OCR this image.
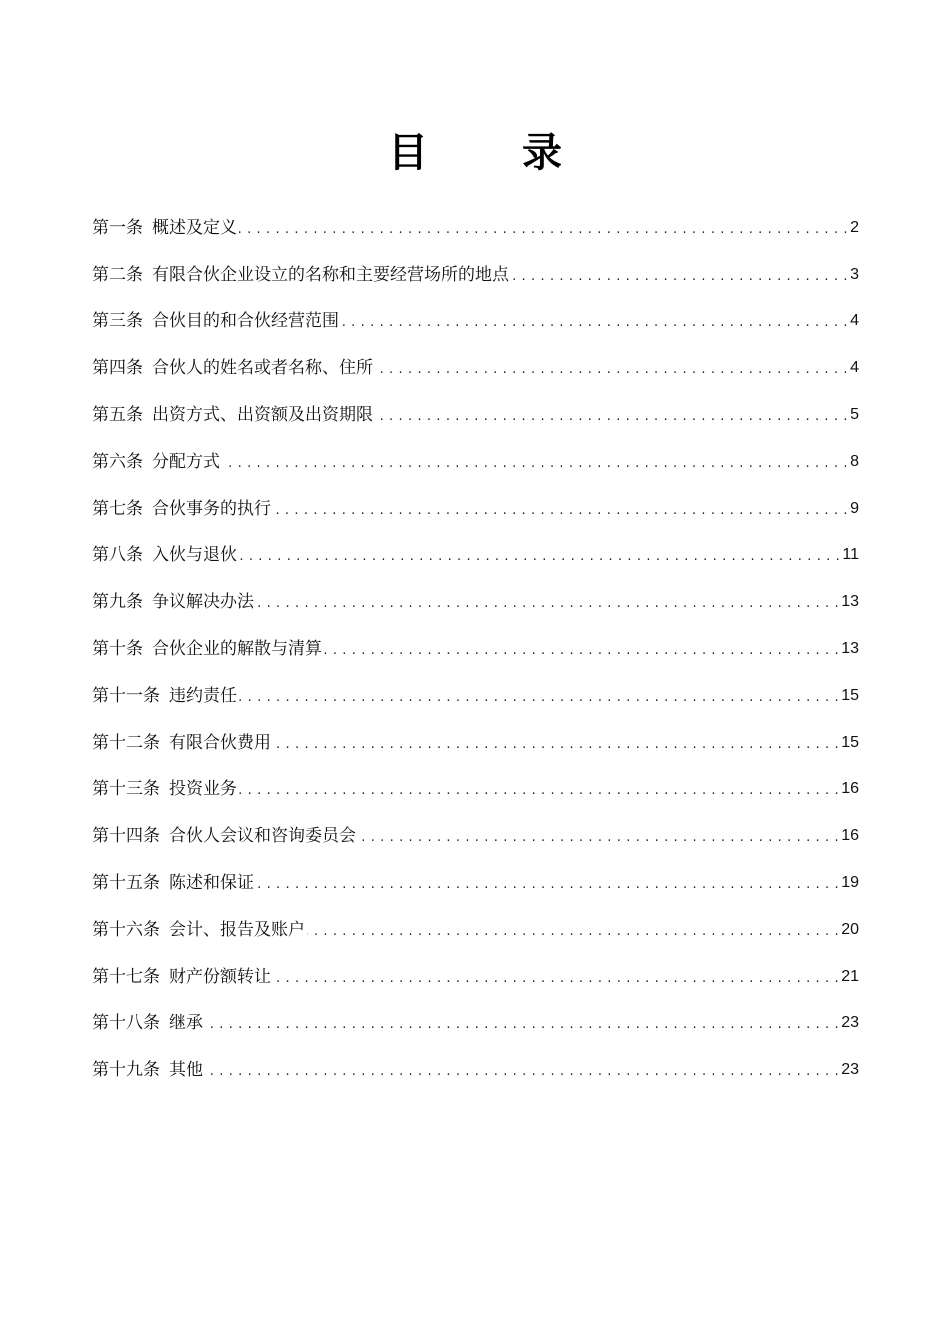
目 录
第一条 概述及定义 . . .	2
第二条 有限合伙企业设立的名称和主要经营场所的地点 . . .	3
第三条 合伙目的和合伙经营范围 . . .	4
第四条 合伙人的姓名或者名称、住所 . . .	4
第五条 出资方式、出资额及出资期限 . . .	5
第六条 分配方式 . . .	8
第七条 合伙事务的执行 . . .	9
第八条 入伙与退伙 . . .	11
第九条 争议解决办法 . . .	13
第十条 合伙企业的解散与清算 . . .	13
第十一条 违约责任 . . .	15
第十二条 有限合伙费用 . . .	15
第十三条 投资业务 . . .	16
第十四条 合伙人会议和咨询委员会 . . .	16
第十五条 陈述和保证 . . .	19
第十六条 会计、报告及账户 . . .	20
第十七条 财产份额转让 . . .	21
第十八条 继承 . . .	23
第十九条 其他 . . .	23
